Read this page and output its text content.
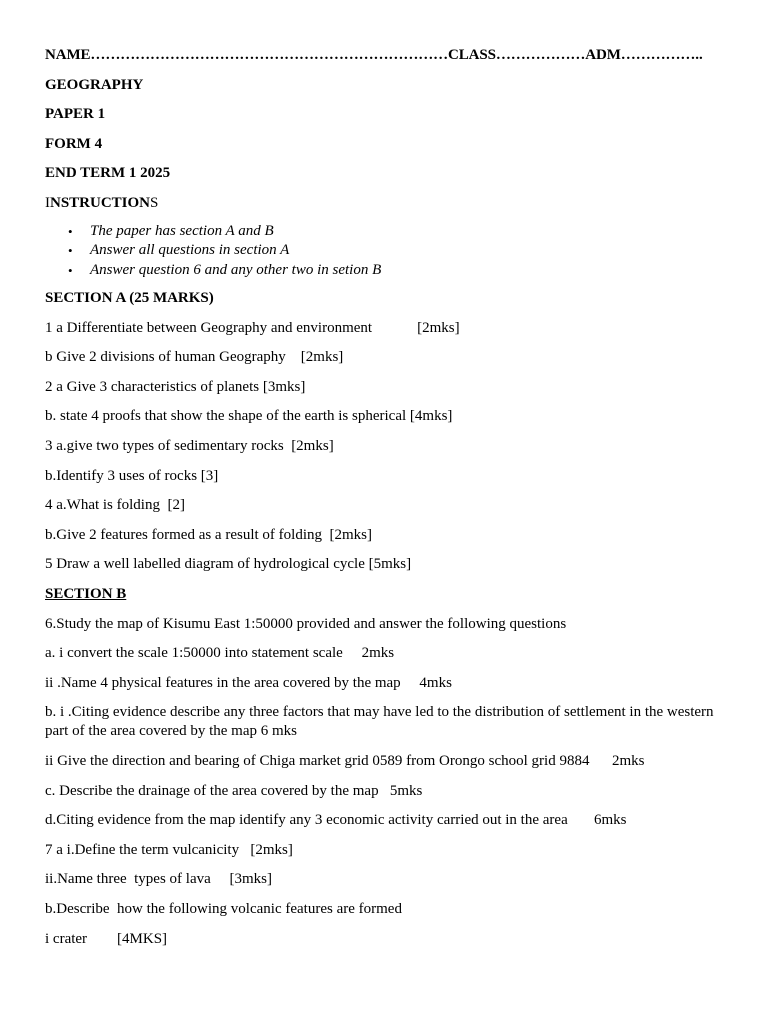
NAME………………………………………………………………CLASS………………ADM……………..
GEOGRAPHY
PAPER 1
FORM 4
END TERM 1 2025
INSTRUCTIONS
• The paper has section A and B
• Answer all questions in section A
• Answer question 6 and any other two in setion B
SECTION A (25 MARKS)
1 a Differentiate between Geography and environment            [2mks]
b Give 2 divisions of human Geography    [2mks]
2 a Give 3 characteristics of planets [3mks]
b. state 4 proofs that show the shape of the earth is spherical [4mks]
3 a.give two types of sedimentary rocks  [2mks]
b.Identify 3 uses of rocks [3]
4 a.What is folding  [2]
b.Give 2 features formed as a result of folding  [2mks]
5 Draw a well labelled diagram of hydrological cycle [5mks]
SECTION B
6.Study the map of Kisumu East 1:50000 provided and answer the following questions
a. i convert the scale 1:50000 into statement scale     2mks
ii .Name 4 physical features in the area covered by the map     4mks
b. i .Citing evidence describe any three factors that may have led to the distribution of settlement in the western part of the area covered by the map 6 mks
ii Give the direction and bearing of Chiga market grid 0589 from Orongo school grid 9884      2mks
c. Describe the drainage of the area covered by the map   5mks
d.Citing evidence from the map identify any 3 economic activity carried out in the area       6mks
7 a i.Define the term vulcanicity   [2mks]
ii.Name three  types of lava     [3mks]
b.Describe  how the following volcanic features are formed
i crater        [4MKS]
